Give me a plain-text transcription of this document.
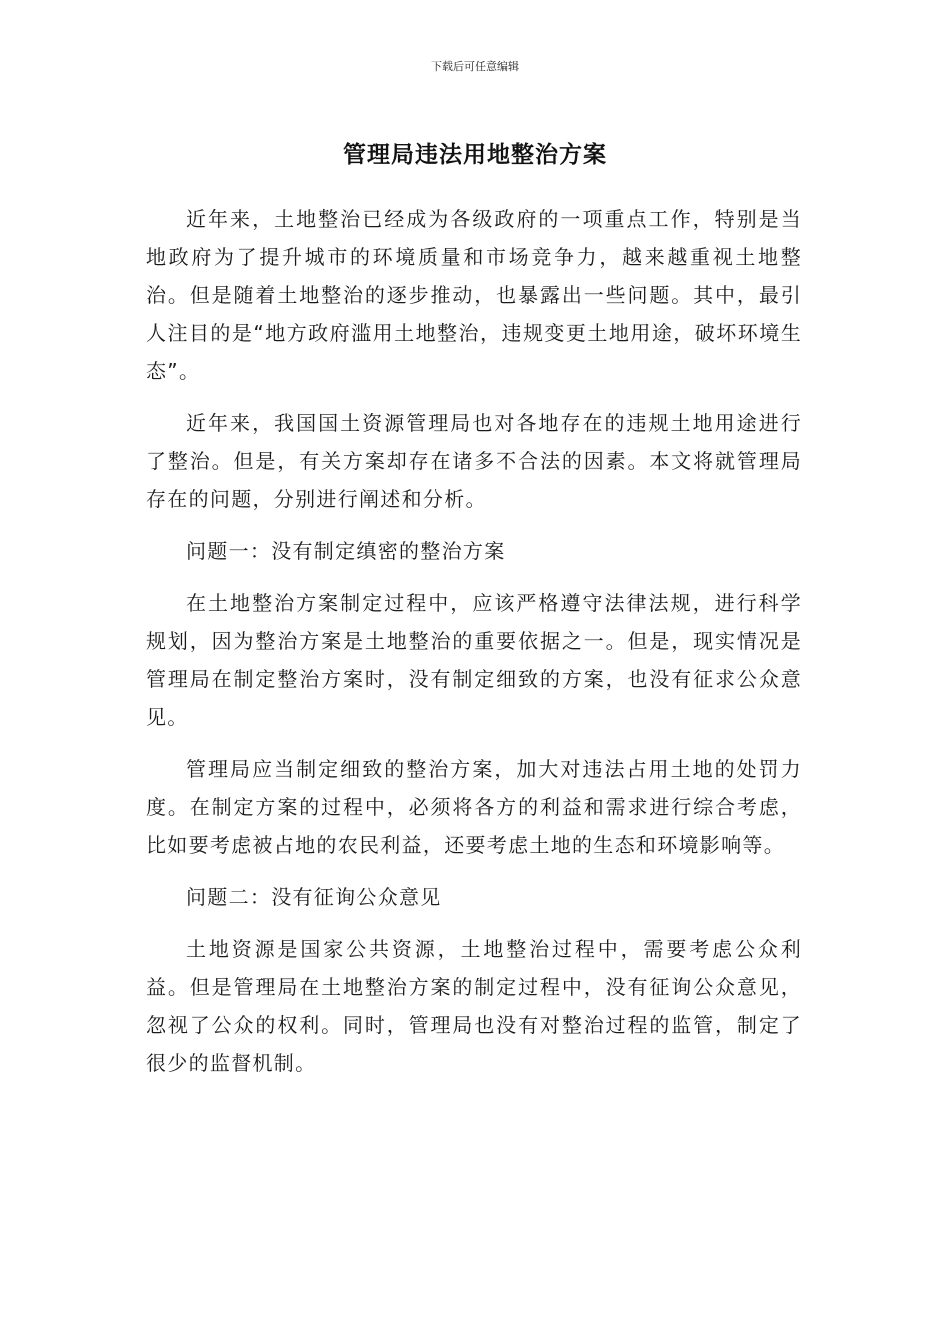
下载后可任意编辑
管理局违法用地整治方案

近年来，土地整治已经成为各级政府的一项重点工作，特别是当地政府为了提升城市的环境质量和市场竞争力，越来越重视土地整治。但是随着土地整治的逐步推动，也暴露出一些问题。其中，最引人注目的是“地方政府滥用土地整治，违规变更土地用途，破坏环境生态”。

近年来，我国国土资源管理局也对各地存在的违规土地用途进行了整治。但是，有关方案却存在诸多不合法的因素。本文将就管理局存在的问题，分别进行阐述和分析。

问题一：没有制定缜密的整治方案

在土地整治方案制定过程中，应该严格遵守法律法规，进行科学规划，因为整治方案是土地整治的重要依据之一。但是，现实情况是管理局在制定整治方案时，没有制定细致的方案，也没有征求公众意见。

管理局应当制定细致的整治方案，加大对违法占用土地的处罚力度。在制定方案的过程中，必须将各方的利益和需求进行综合考虑，比如要考虑被占地的农民利益，还要考虑土地的生态和环境影响等。

问题二：没有征询公众意见

土地资源是国家公共资源，土地整治过程中，需要考虑公众利益。但是管理局在土地整治方案的制定过程中，没有征询公众意见，忽视了公众的权利。同时，管理局也没有对整治过程的监管，制定了很少的监督机制。
